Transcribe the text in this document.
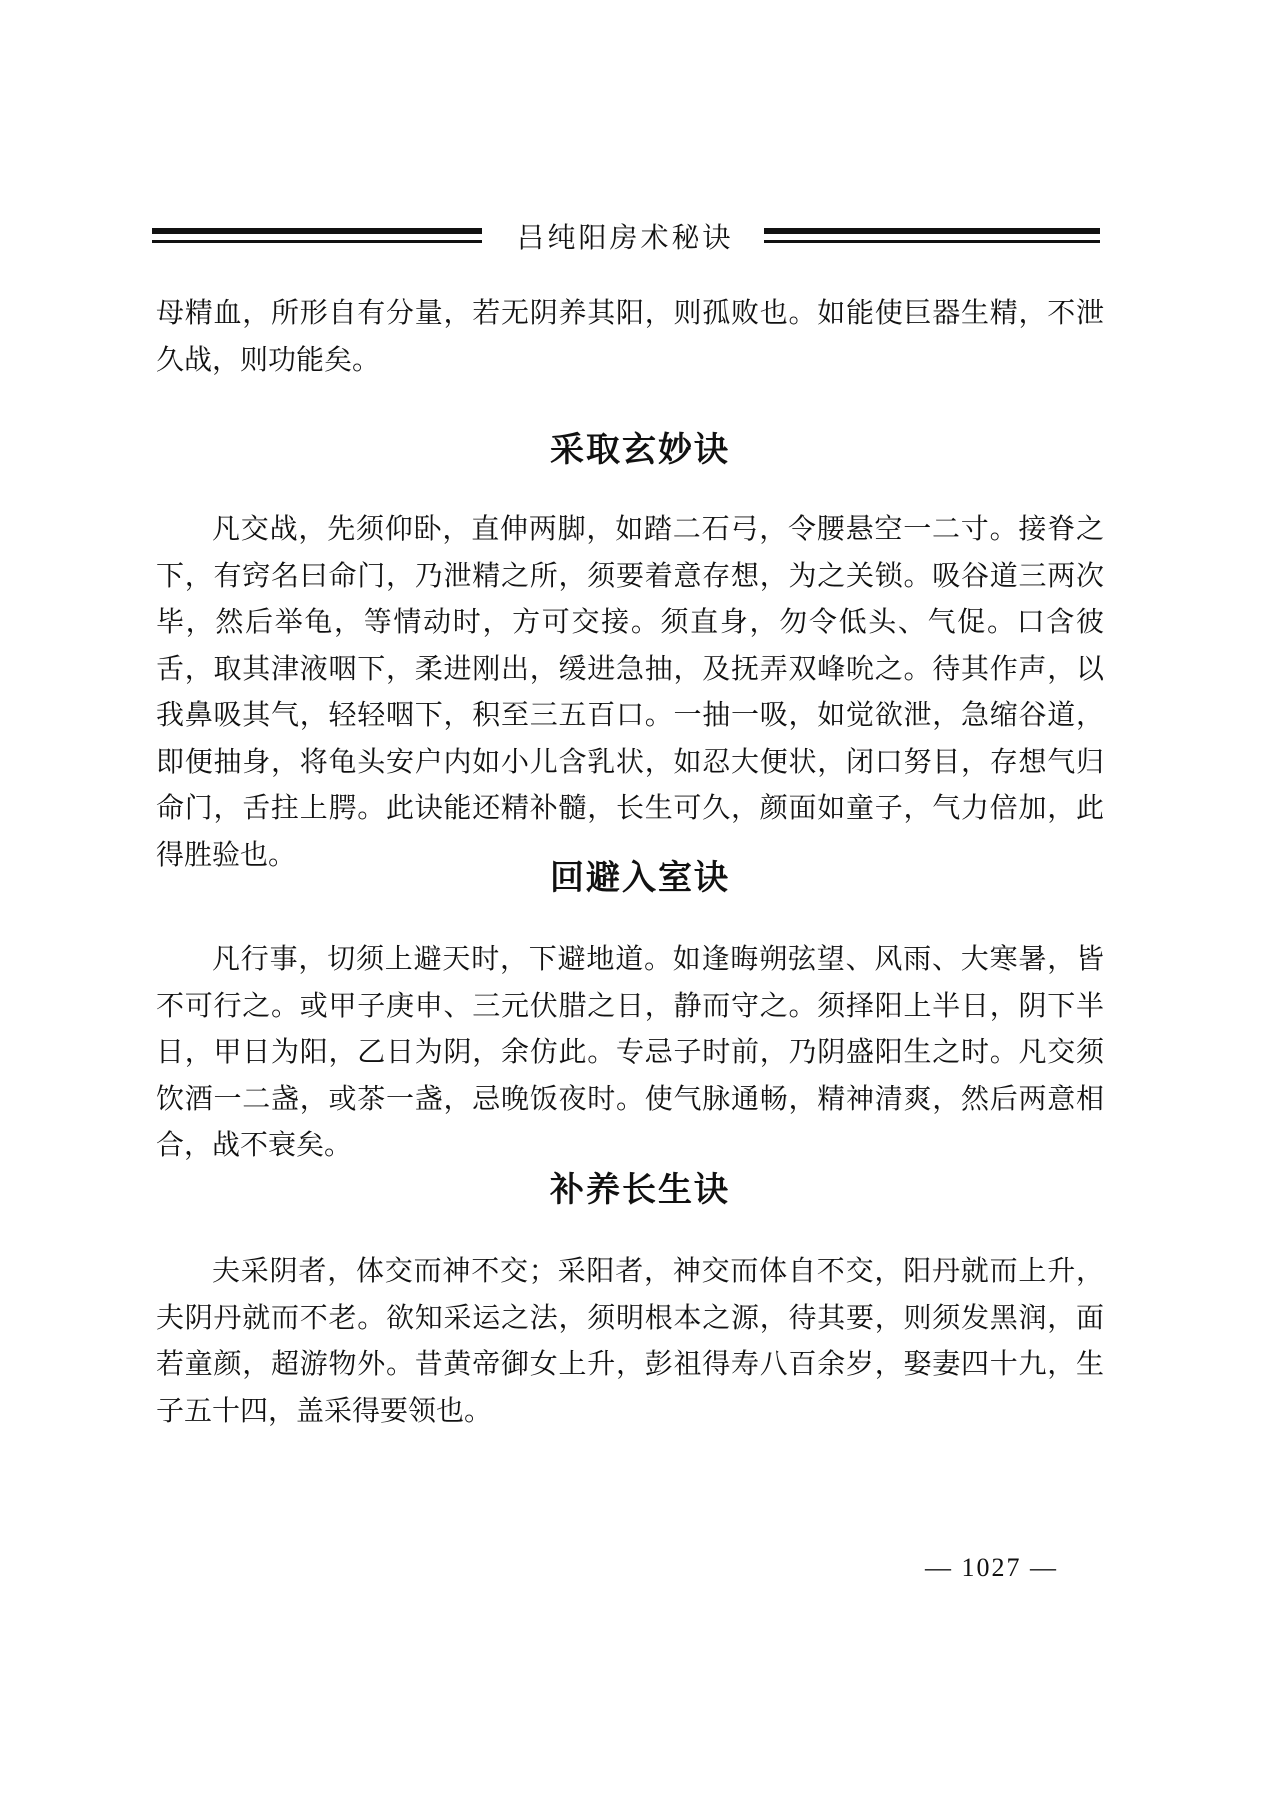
吕纯阳房术秘诀

母精血，所形自有分量，若无阴养其阳，则孤败也。如能使巨器生精，不泄久战，则功能矣。

采取玄妙诀

凡交战，先须仰卧，直伸两脚，如踏二石弓，令腰悬空一二寸。接脊之下，有窍名曰命门，乃泄精之所，须要着意存想，为之关锁。吸谷道三两次毕，然后举龟，等情动时，方可交接。须直身，勿令低头、气促。口含彼舌，取其津液咽下，柔进刚出，缓进急抽，及抚弄双峰吮之。待其作声，以我鼻吸其气，轻轻咽下，积至三五百口。一抽一吸，如觉欲泄，急缩谷道，即便抽身，将龟头安户内如小儿含乳状，如忍大便状，闭口努目，存想气归命门，舌拄上腭。此诀能还精补髓，长生可久，颜面如童子，气力倍加，此得胜验也。

回避入室诀

凡行事，切须上避天时，下避地道。如逢晦朔弦望、风雨、大寒暑，皆不可行之。或甲子庚申、三元伏腊之日，静而守之。须择阳上半日，阴下半日，甲日为阳，乙日为阴，余仿此。专忌子时前，乃阴盛阳生之时。凡交须饮酒一二盏，或茶一盏，忌晚饭夜时。使气脉通畅，精神清爽，然后两意相合，战不衰矣。

补养长生诀

夫采阴者，体交而神不交；采阳者，神交而体自不交，阳丹就而上升，夫阴丹就而不老。欲知采运之法，须明根本之源，待其要，则须发黑润，面若童颜，超游物外。昔黄帝御女上升，彭祖得寿八百余岁，娶妻四十九，生子五十四，盖采得要领也。

— 1027 —
